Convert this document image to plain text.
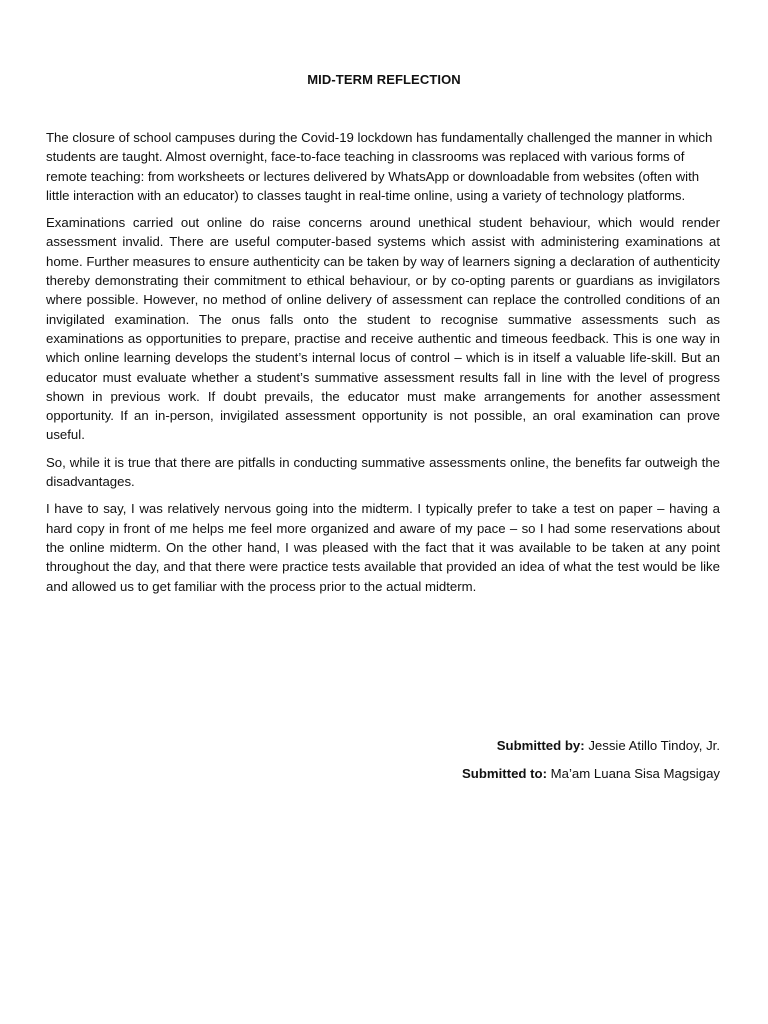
MID-TERM REFLECTION

The closure of school campuses during the Covid-19 lockdown has fundamentally challenged the manner in which students are taught. Almost overnight, face-to-face teaching in classrooms was replaced with various forms of remote teaching: from worksheets or lectures delivered by WhatsApp or downloadable from websites (often with little interaction with an educator) to classes taught in real-time online, using a variety of technology platforms.

Examinations carried out online do raise concerns around unethical student behaviour, which would render assessment invalid. There are useful computer-based systems which assist with administering examinations at home. Further measures to ensure authenticity can be taken by way of learners signing a declaration of authenticity thereby demonstrating their commitment to ethical behaviour, or by co-opting parents or guardians as invigilators where possible. However, no method of online delivery of assessment can replace the controlled conditions of an invigilated examination. The onus falls onto the student to recognise summative assessments such as examinations as opportunities to prepare, practise and receive authentic and timeous feedback. This is one way in which online learning develops the student’s internal locus of control – which is in itself a valuable life-skill. But an educator must evaluate whether a student’s summative assessment results fall in line with the level of progress shown in previous work. If doubt prevails, the educator must make arrangements for another assessment opportunity. If an in-person, invigilated assessment opportunity is not possible, an oral examination can prove useful.

So, while it is true that there are pitfalls in conducting summative assessments online, the benefits far outweigh the disadvantages.

I have to say, I was relatively nervous going into the midterm. I typically prefer to take a test on paper – having a hard copy in front of me helps me feel more organized and aware of my pace – so I had some reservations about the online midterm. On the other hand, I was pleased with the fact that it was available to be taken at any point throughout the day, and that there were practice tests available that provided an idea of what the test would be like and allowed us to get familiar with the process prior to the actual midterm.

Submitted by: Jessie Atillo Tindoy, Jr.

Submitted to: Ma’am Luana Sisa Magsigay
